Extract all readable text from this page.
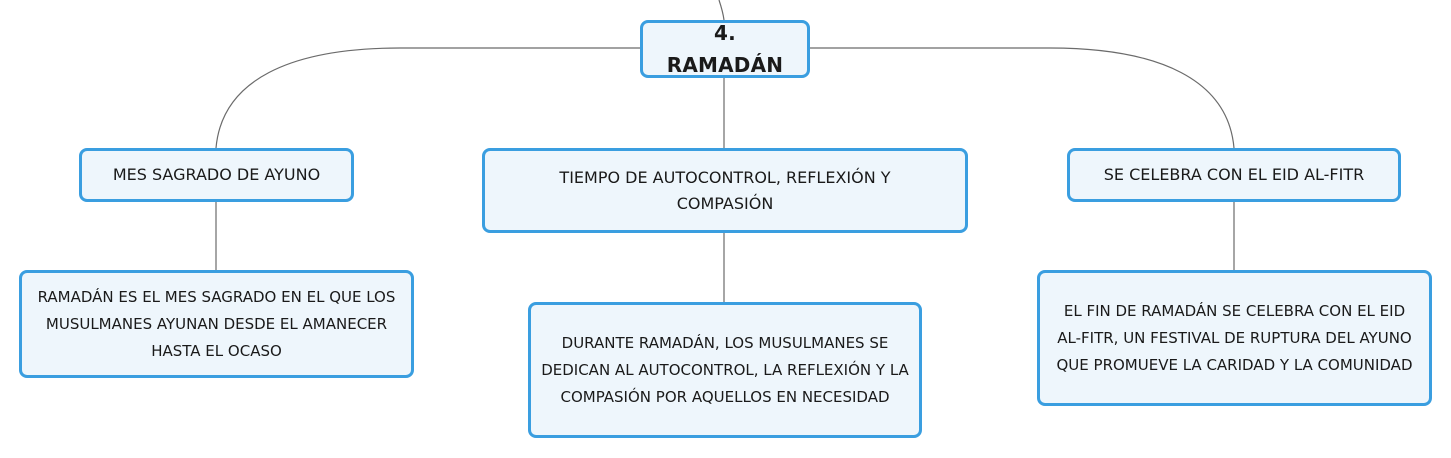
4. RAMADÁN
MES SAGRADO DE AYUNO	TIEMPO DE AUTOCONTROL, REFLEXIÓN Y COMPASIÓN
SE CELEBRA CON EL EID AL-FITR
RAMADÁN ES EL MES SAGRADO EN EL QUE LOS MUSULMANES AYUNAN DESDE EL AMANECER HASTA EL OCASO	DURANTE RAMADÁN, LOS MUSULMANES SE DEDICAN AL AUTOCONTROL, LA REFLEXIÓN Y LA COMPASIÓN POR AQUELLOS EN NECESIDAD
EL FIN DE RAMADÁN SE CELEBRA CON EL EID AL-FITR, UN FESTIVAL DE RUPTURA DEL AYUNO QUE PROMUEVE LA CARIDAD Y LA COMUNIDAD
